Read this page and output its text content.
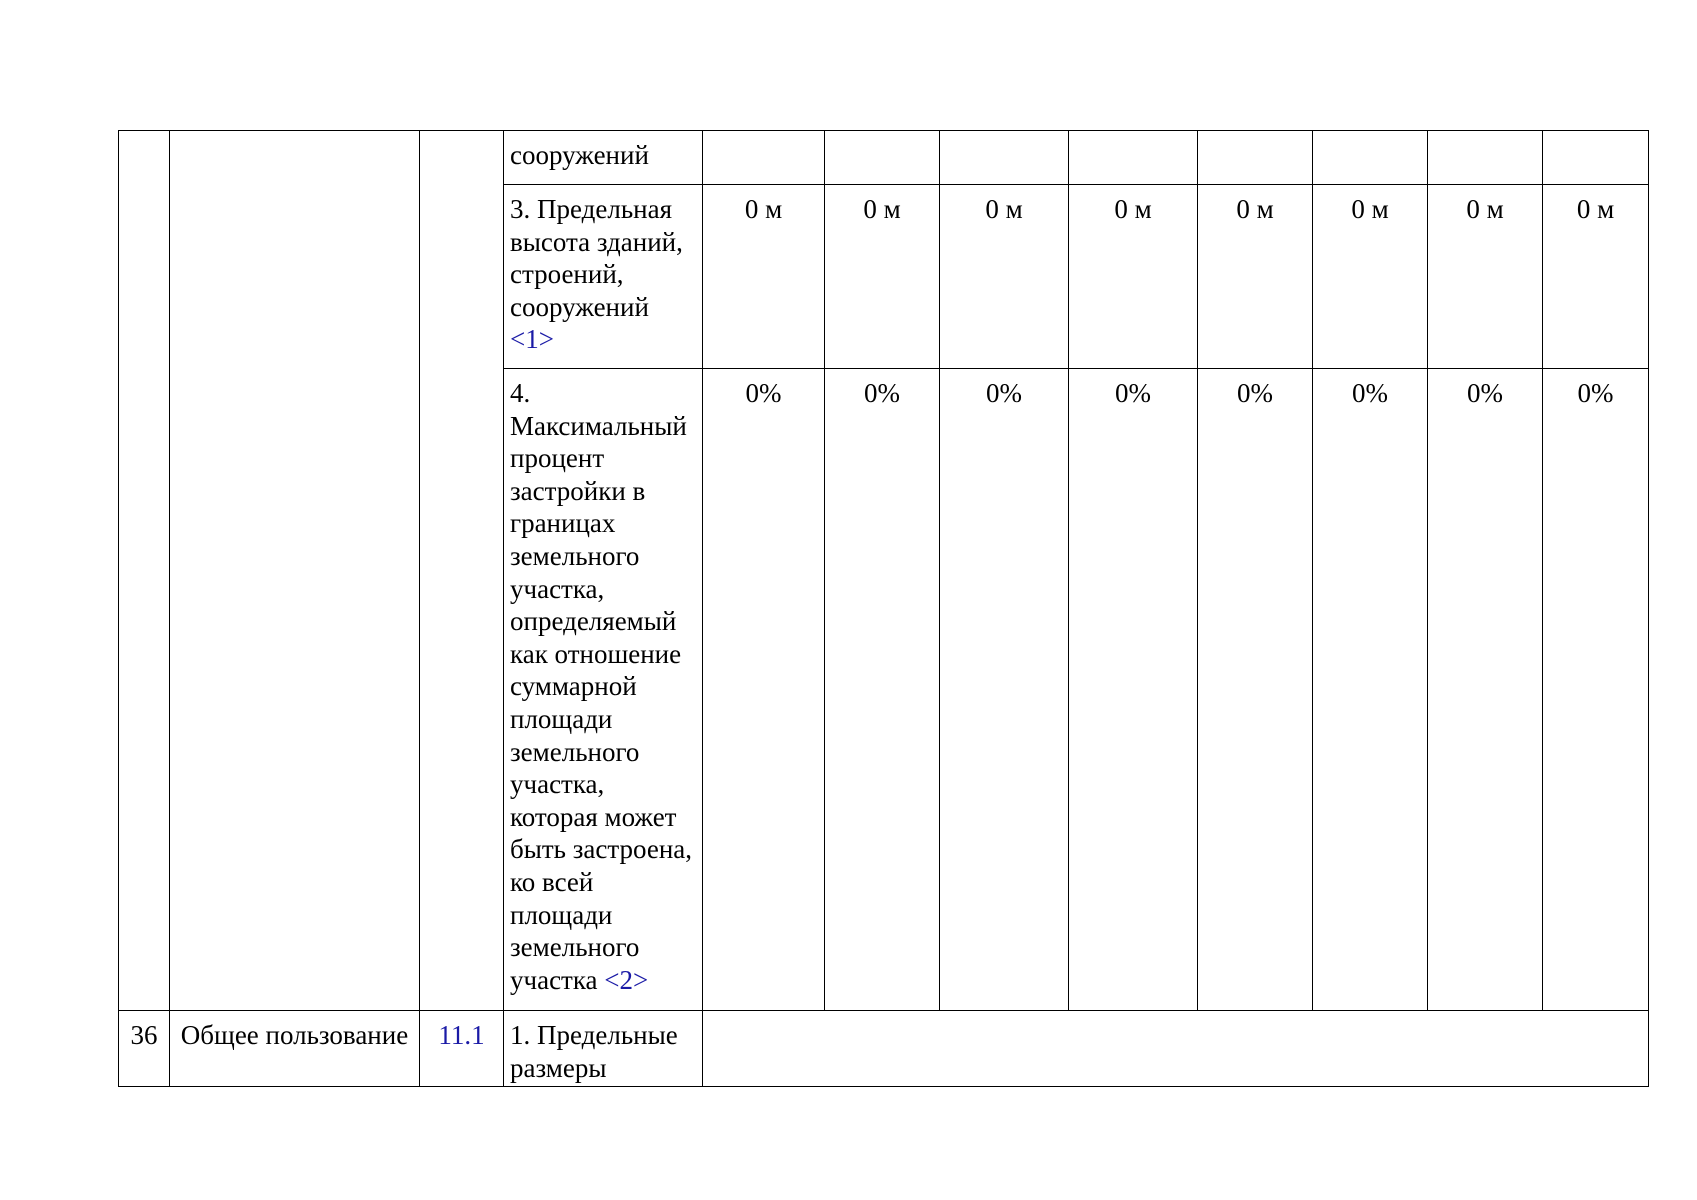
			сооружений								
			3. Предельная высота зданий, строений, сооружений <1>	0 м	0 м	0 м	0 м	0 м	0 м	0 м	0 м
			4. Максимальный процент застройки в границах земельного участка, определяемый как отношение суммарной площади земельного участка, которая может быть застроена, ко всей площади земельного участка <2>	0%	0%	0%	0%	0%	0%	0%	0%
36	Общее пользование	11.1	1. Предельные размеры								
